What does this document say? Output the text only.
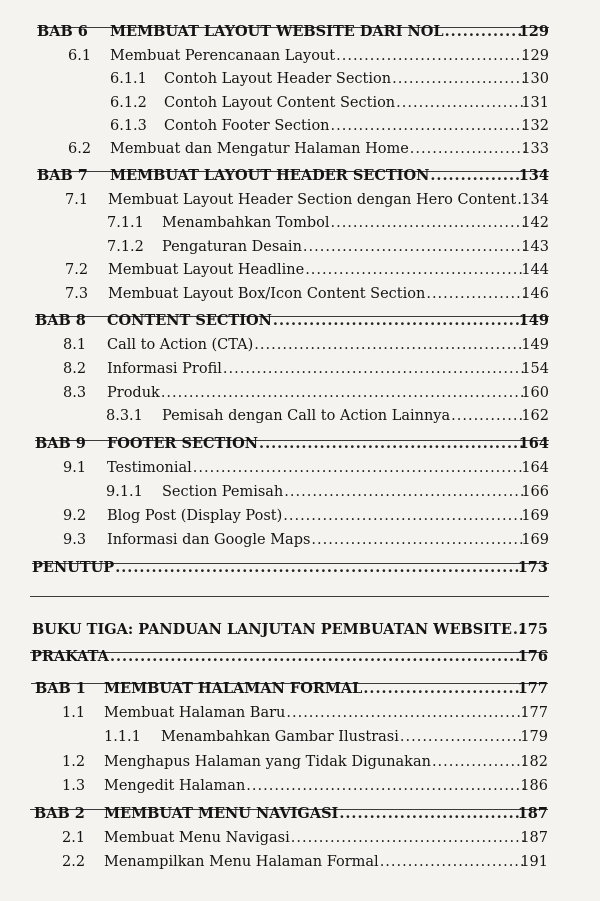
BAB 6 MEMBUAT LAYOUT WEBSITE DARI NOL .....	129
6.1 Membuat Perencanaan Layout .....	129
6.1.1 Contoh Layout Header Section .....	130
6.1.2 Contoh Layout Content Section .....	131
6.1.3 Contoh Footer Section .....	132
6.2 Membuat dan Mengatur Halaman Home .....	133
BAB 7 MEMBUAT LAYOUT HEADER SECTION .....	134
7.1 Membuat Layout Header Section dengan Hero Content ..... 134
7.1.1 Menambahkan Tombol .....	142
7.1.2 Pengaturan Desain .....	143
7.2 Membuat Layout Headline .....	144
7.3 Membuat Layout Box/Icon Content Section .....	146
BAB 8 CONTENT SECTION .....	149
8.1 Call to Action (CTA) .....	149
8.2 Informasi Profil .....	154
8.3 Produk .....	160
8.3.1 Pemisah dengan Call to Action Lainnya .....	162
BAB 9 FOOTER SECTION .....	164
9.1 Testimonial .....	164
9.1.1 Section Pemisah .....	166
9.2 Blog Post (Display Post) .....	169
9.3 Informasi dan Google Maps .....	169
PENUTUP .....	173
BUKU TIGA: PANDUAN LANJUTAN PEMBUATAN WEBSITE ..... 175
PRAKATA .....	176
BAB 1 MEMBUAT HALAMAN FORMAL .....	177
1.1 Membuat Halaman Baru .....	177
1.1.1 Menambahkan Gambar Ilustrasi .....	179
1.2 Menghapus Halaman yang Tidak Digunakan .....	182
1.3 Mengedit Halaman .....	186
BAB 2 MEMBUAT MENU NAVIGASI .....	187
2.1 Membuat Menu Navigasi .....	187
2.2 Menampilkan Menu Halaman Formal .....	191
